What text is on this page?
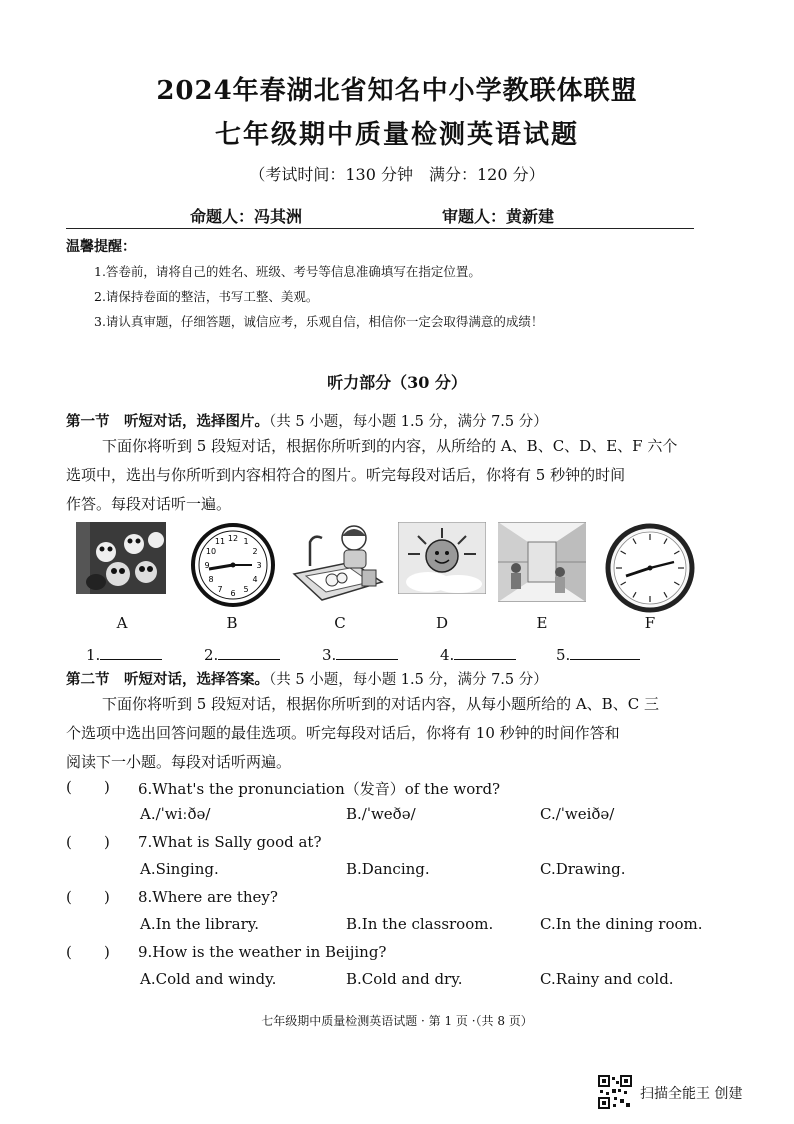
2024年春湖北省知名中小学教联体联盟
七年级期中质量检测英语试题
（考试时间：130 分钟　满分：120 分）
命题人：冯其洲	审题人：黄新建
温馨提醒：
1.答卷前，请将自己的姓名、班级、考号等信息准确填写在指定位置。
2.请保持卷面的整洁，书写工整、美观。
3.请认真审题，仔细答题，诚信应考，乐观自信，相信你一定会取得满意的成绩！
听力部分（30 分）
第一节　听短对话，选择图片。（共 5 小题，每小题 1.5 分，满分 7.5 分）
下面你将听到 5 段短对话，根据你所听到的内容，从所给的 A、B、C、D、E、F 六个
选项中，选出与你所听到内容相符合的图片。听完每段对话后，你将有 5 秒钟的时间
作答。每段对话听一遍。
12 1
2
3
4
5
6
7
8
9
10
11
A	B	C	D	E	F
1.	2.	3.	4.	5.
第二节　听短对话，选择答案。（共 5 小题，每小题 1.5 分，满分 7.5 分）
下面你将听到 5 段短对话，根据你所听到的对话内容，从每小题所给的 A、B、C 三
个选项中选出回答问题的最佳选项。听完每段对话后，你将有 10 秒钟的时间作答和
阅读下一小题。每段对话听两遍。
( ) 6.What's the pronunciation（发音）of the word?
A./ˈwiːðə/	B./ˈweðə/	C./ˈweiðə/
( ) 7.What is Sally good at?
A.Singing.	B.Dancing.	C.Drawing.
( ) 8.Where are they?
A.In the library.	B.In the classroom.	C.In the dining room.
( ) 9.How is the weather in Beijing?
A.Cold and windy.	B.Cold and dry.	C.Rainy and cold.
七年级期中质量检测英语试题 · 第 1 页 ·（共 8 页）
扫描全能王 创建
